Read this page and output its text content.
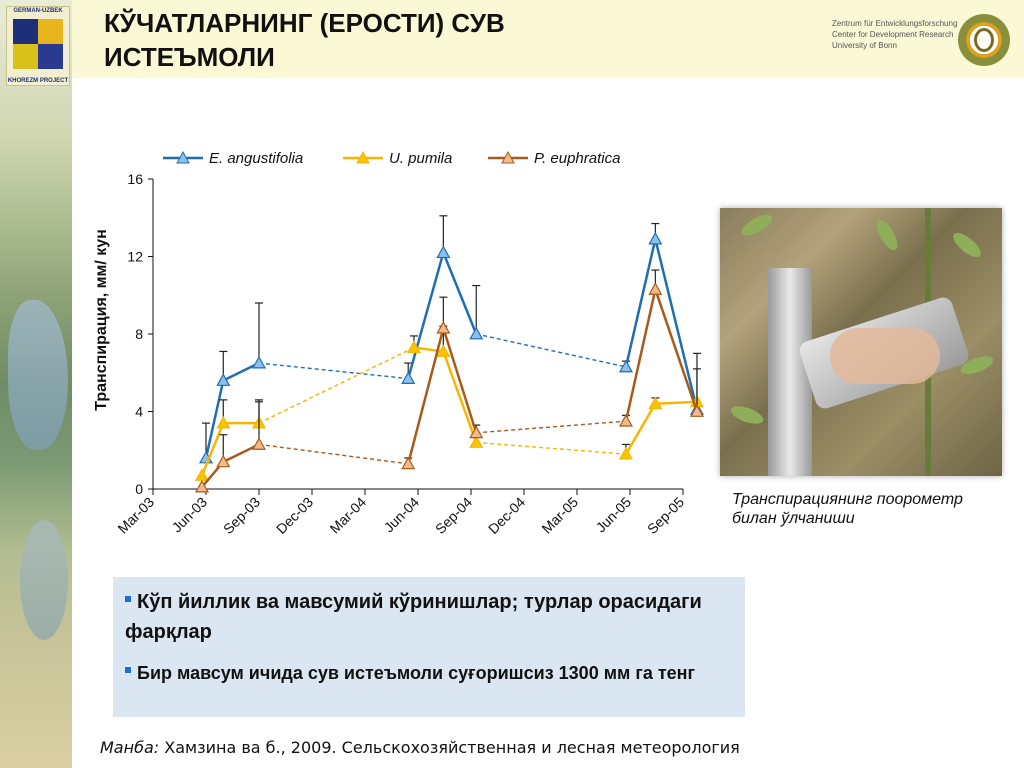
GERMAN-UZBEK
KHOREZM PROJECT
КЎЧАТЛАРНИНГ (ЕРОСТИ) СУВ ИСТЕЪМОЛИ
Zentrum für Entwicklungsforschung
Center for Development Research
University of Bonn
E. angustifolia	U. pumila	P. euphratica
0
4
8
12
16
Mar-03 Jun-03 Sep-03 Dec-03 Mar-04 Jun-04 Sep-04 Dec-04 Mar-05 Jun-05 Sep-05
Транспирация, мм/ кун
Транспирациянинг поорометр билан ўлчаниши
Кўп йиллик ва мавсумий кўринишлар; турлар орасидаги фарқлар
Бир мавсум ичида сув истеъмоли суғоришсиз 1300 мм га тенг
Манба: Хамзина ва б., 2009. Сельскохозяйственная и лесная метеорология
